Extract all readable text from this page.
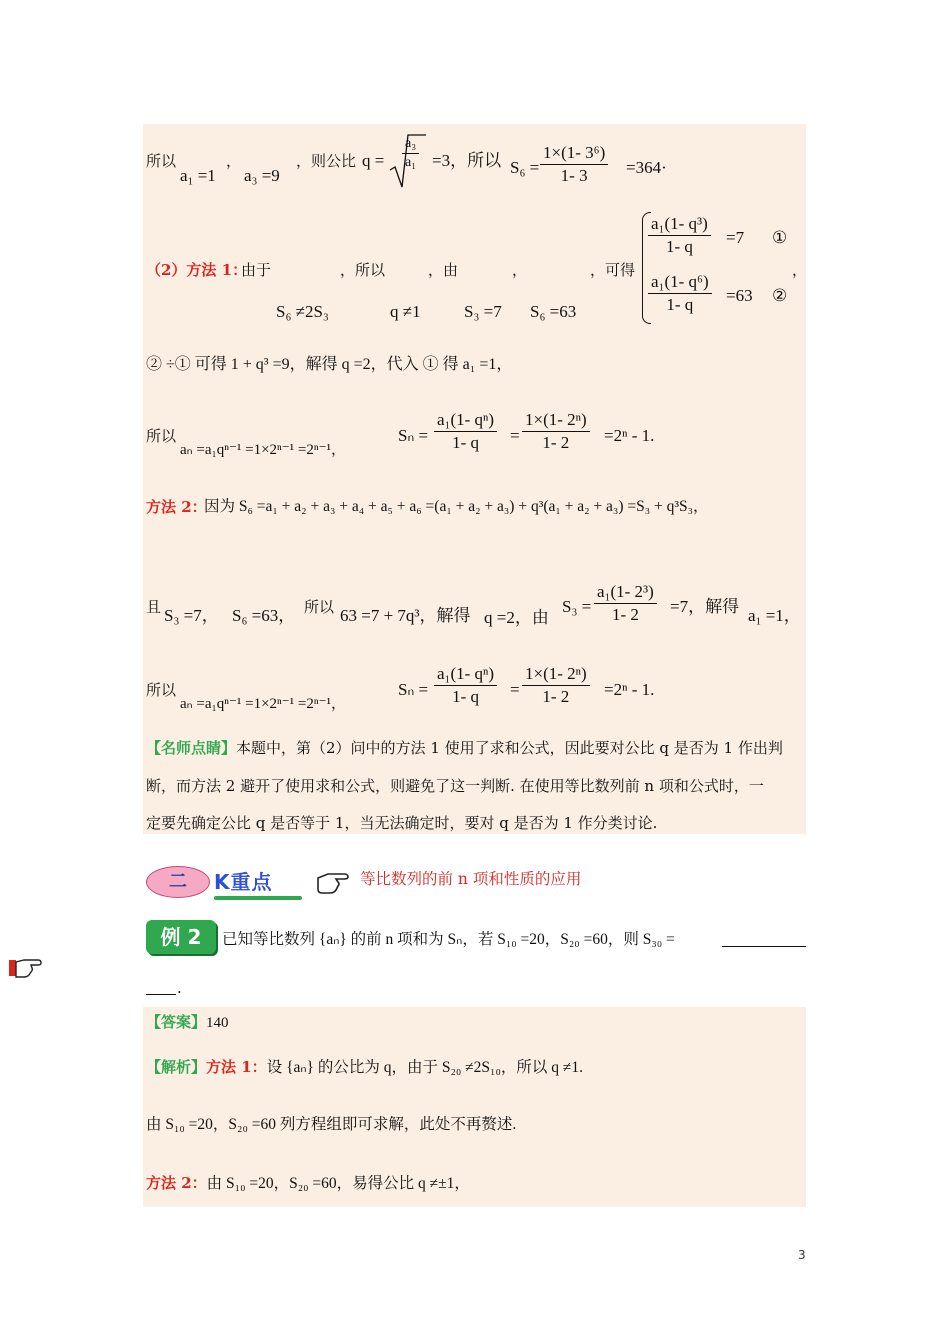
所以
a₁ =1
，
a₃ =9
，则公比 $q = \frac{\text{a₃}}{\text{a₁}} =3$，所以 $S_6 = \frac{\text{1×(1- 3⁶)}}{1- 3} =364\cdot$
（2）方法 1：
由于	，所以	，由	，	，可得
S₆ ≠2S₃	q ≠1	S₃ =7 S₆ =63
$\frac{\text{a₁(1- q³)}}{1- q} =7$ ①
$\frac{\text{a₁(1- q⁶)}}{1- q} =63$ ②
，
② ÷① 可得 1 + q³ =9，解得 q =2，代入 ① 得 a₁ =1，
所以
aₙ =a₁qⁿ⁻¹ =1×2ⁿ⁻¹ =2ⁿ⁻¹，
$S_n = \frac{\text{a₁(1- qⁿ)}}{1- q} = \frac{\text{1×(1- 2ⁿ)}}{1- 2} =2^n - 1$.
方法 2：
因为 S₆ =a₁ + a₂ + a₃ + a₄ + a₅ + a₆ =(a₁ + a₂ + a₃) + q³(a₁ + a₂ + a₃) =S₃ + q³S₃，
且 S₃ =7， S₆ =63， 所以 63 =7 + 7q³，解得 q =2，由
$S_3 = \frac{\text{a₁(1- 2³)}}{1- 2} =7$，解得 a₁ =1，
所以
aₙ =a₁qⁿ⁻¹ =1×2ⁿ⁻¹ =2ⁿ⁻¹，
$S_n = \frac{\text{a₁(1- qⁿ)}}{1- q} = \frac{\text{1×(1- 2ⁿ)}}{1- 2} =2^n - 1$.
【名师点睛】本题中，第（2）问中的方法 1 使用了求和公式，因此要对公比 q 是否为 1 作出判
断，而方法 2 避开了使用求和公式，则避免了这一判断. 在使用等比数列前 n 项和公式时，一
定要先确定公比 q 是否等于 1，当无法确定时，要对 q 是否为 1 作分类讨论.
二	K重点	等比数列的前 n 项和性质的应用
例 2	已知等比数列 {aₙ} 的前 n 项和为 Sₙ，若 S₁₀ =20，S₂₀ =60，则 S₃₀ =
.
【答案】140
【解析】方法 1：设 {aₙ} 的公比为 q，由于 S₂₀ ≠2S₁₀，所以 q ≠1.
由 S₁₀ =20，S₂₀ =60 列方程组即可求解，此处不再赘述.
方法 2：由 S₁₀ =20，S₂₀ =60，易得公比 q ≠±1，
3
